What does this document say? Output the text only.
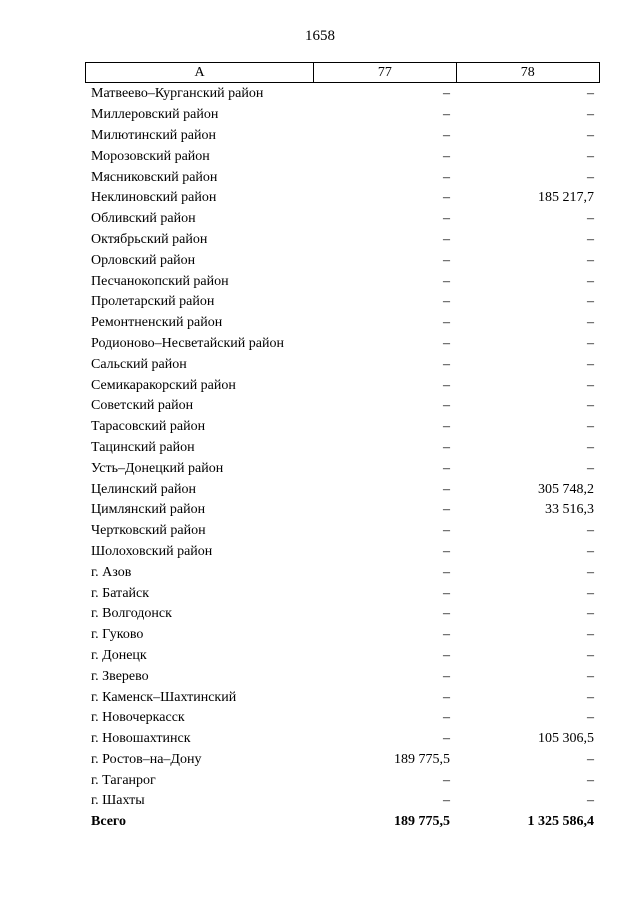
1658
А	77	78
Матвеево–Курганский район	–	–
Миллеровский район	–	–
Милютинский район	–	–
Морозовский район	–	–
Мясниковский район	–	–
Неклиновский район	–	185 217,7
Обливский район	–	–
Октябрьский район	–	–
Орловский район	–	–
Песчанокопский район	–	–
Пролетарский район	–	–
Ремонтненский район	–	–
Родионово–Несветайский район	–	–
Сальский район	–	–
Семикаракорский район	–	–
Советский район	–	–
Тарасовский район	–	–
Тацинский район	–	–
Усть–Донецкий район	–	–
Целинский район	–	305 748,2
Цимлянский район	–	33 516,3
Чертковский район	–	–
Шолоховский район	–	–
г. Азов	–	–
г. Батайск	–	–
г. Волгодонск	–	–
г. Гуково	–	–
г. Донецк	–	–
г. Зверево	–	–
г. Каменск–Шахтинский	–	–
г. Новочеркасск	–	–
г. Новошахтинск	–	105 306,5
г. Ростов–на–Дону	189 775,5	–
г. Таганрог	–	–
г. Шахты	–	–
Всего	189 775,5	1 325 586,4
